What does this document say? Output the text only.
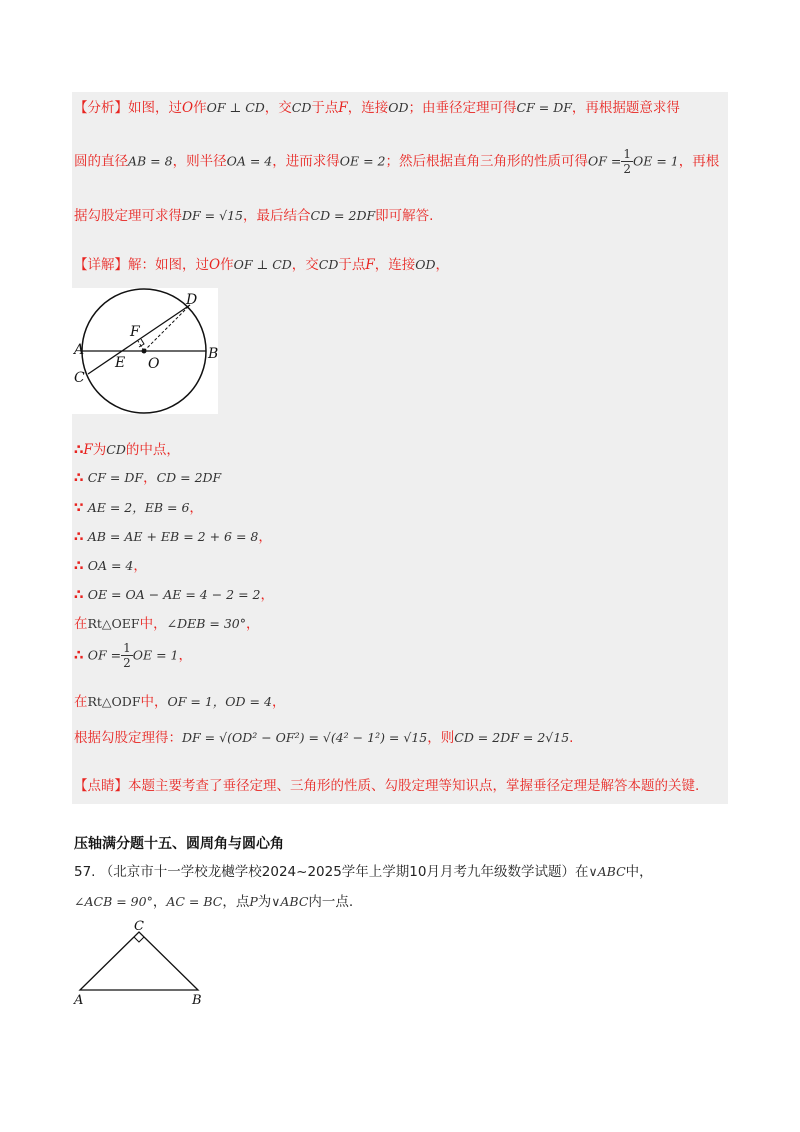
【分析】如图，过O作OF ⊥ CD，交CD于点F，连接OD；由垂径定理可得CF = DF，再根据题意求得
圆的直径AB = 8，则半径OA = 4，进而求得OE = 2；然后根据直角三角形的性质可得OF = $\frac{1}{2}$ OE = 1，再根
据勾股定理可求得DF = √15，最后结合CD = 2DF即可解答.
【详解】解：如图，过O作OF ⊥ CD，交CD于点F，连接OD，
A	B
C
D
E
F
O
∴F为CD的中点，
∴ CF = DF，CD = 2DF
∵ AE = 2，EB = 6，
∴ AB = AE + EB = 2 + 6 = 8，
∴ OA = 4，
∴ OE = OA − AE = 4 − 2 = 2，
在Rt△OEF中，∠DEB = 30°，
∴ OF = $\frac{1}{2}$ OE = 1，
在Rt△ODF中，OF = 1，OD = 4，
根据勾股定理得：DF = √(OD² − OF²) = √(4² − 1²) = √15，则CD = 2DF = 2√15.
【点睛】本题主要考查了垂径定理、三角形的性质、勾股定理等知识点，掌握垂径定理是解答本题的关键.
压轴满分题十五、圆周角与圆心角
57. （北京市十一学校龙樾学校2024~2025学年上学期10月月考九年级数学试题）在∨ABC中，
∠ACB = 90°，AC = BC，点P为∨ABC内一点.
A	B
C
